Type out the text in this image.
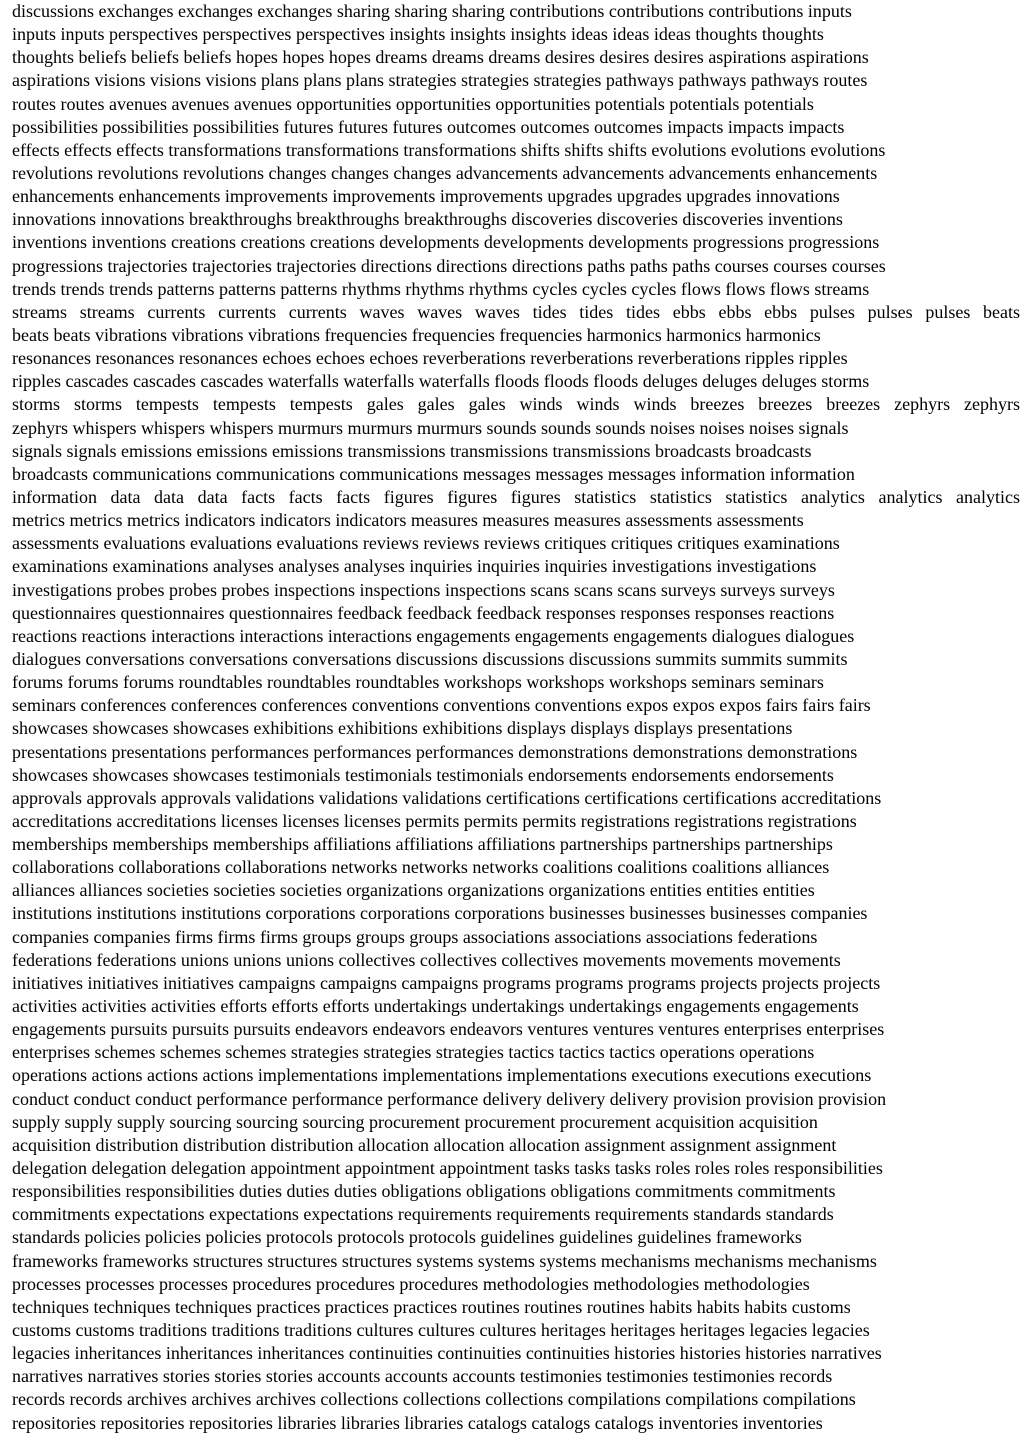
discussions exchanges exchanges exchanges sharing sharing sharing contributions contributions contributions inputs
inputs inputs perspectives perspectives perspectives insights insights insights ideas ideas ideas thoughts thoughts
thoughts beliefs beliefs beliefs hopes hopes hopes dreams dreams dreams desires desires desires aspirations aspirations
aspirations visions visions visions plans plans plans strategies strategies strategies pathways pathways pathways routes
routes routes avenues avenues avenues opportunities opportunities opportunities potentials potentials potentials
possibilities possibilities possibilities futures futures futures outcomes outcomes outcomes impacts impacts impacts
effects effects effects transformations transformations transformations shifts shifts shifts evolutions evolutions evolutions
revolutions revolutions revolutions changes changes changes advancements advancements advancements enhancements
enhancements enhancements improvements improvements improvements upgrades upgrades upgrades innovations
innovations innovations breakthroughs breakthroughs breakthroughs discoveries discoveries discoveries inventions
inventions inventions creations creations creations developments developments developments progressions progressions
progressions trajectories trajectories trajectories directions directions directions paths paths paths courses courses courses
trends trends trends patterns patterns patterns rhythms rhythms rhythms cycles cycles cycles flows flows flows streams
streams streams currents currents currents waves waves waves tides tides tides ebbs ebbs ebbs pulses pulses pulses beats
beats beats vibrations vibrations vibrations frequencies frequencies frequencies harmonics harmonics harmonics
resonances resonances resonances echoes echoes echoes reverberations reverberations reverberations ripples ripples
ripples cascades cascades cascades waterfalls waterfalls waterfalls floods floods floods deluges deluges deluges storms
storms storms tempests tempests tempests gales gales gales winds winds winds breezes breezes breezes zephyrs zephyrs
zephyrs whispers whispers whispers murmurs murmurs murmurs sounds sounds sounds noises noises noises signals
signals signals emissions emissions emissions transmissions transmissions transmissions broadcasts broadcasts
broadcasts communications communications communications messages messages messages information information
information data data data facts facts facts figures figures figures statistics statistics statistics analytics analytics analytics
metrics metrics metrics indicators indicators indicators measures measures measures assessments assessments
assessments evaluations evaluations evaluations reviews reviews reviews critiques critiques critiques examinations
examinations examinations analyses analyses analyses inquiries inquiries inquiries investigations investigations
investigations probes probes probes inspections inspections inspections scans scans scans surveys surveys surveys
questionnaires questionnaires questionnaires feedback feedback feedback responses responses responses reactions
reactions reactions interactions interactions interactions engagements engagements engagements dialogues dialogues
dialogues conversations conversations conversations discussions discussions discussions summits summits summits
forums forums forums roundtables roundtables roundtables workshops workshops workshops seminars seminars
seminars conferences conferences conferences conventions conventions conventions expos expos expos fairs fairs fairs
showcases showcases showcases exhibitions exhibitions exhibitions displays displays displays presentations
presentations presentations performances performances performances demonstrations demonstrations demonstrations
showcases showcases showcases testimonials testimonials testimonials endorsements endorsements endorsements
approvals approvals approvals validations validations validations certifications certifications certifications accreditations
accreditations accreditations licenses licenses licenses permits permits permits registrations registrations registrations
memberships memberships memberships affiliations affiliations affiliations partnerships partnerships partnerships
collaborations collaborations collaborations networks networks networks coalitions coalitions coalitions alliances
alliances alliances societies societies societies organizations organizations organizations entities entities entities
institutions institutions institutions corporations corporations corporations businesses businesses businesses companies
companies companies firms firms firms groups groups groups associations associations associations federations
federations federations unions unions unions collectives collectives collectives movements movements movements
initiatives initiatives initiatives campaigns campaigns campaigns programs programs programs projects projects projects
activities activities activities efforts efforts efforts undertakings undertakings undertakings engagements engagements
engagements pursuits pursuits pursuits endeavors endeavors endeavors ventures ventures ventures enterprises enterprises
enterprises schemes schemes schemes strategies strategies strategies tactics tactics tactics operations operations
operations actions actions actions implementations implementations implementations executions executions executions
conduct conduct conduct performance performance performance delivery delivery delivery provision provision provision
supply supply supply sourcing sourcing sourcing procurement procurement procurement acquisition acquisition
acquisition distribution distribution distribution allocation allocation allocation assignment assignment assignment
delegation delegation delegation appointment appointment appointment tasks tasks tasks roles roles roles responsibilities
responsibilities responsibilities duties duties duties obligations obligations obligations commitments commitments
commitments expectations expectations expectations requirements requirements requirements standards standards
standards policies policies policies protocols protocols protocols guidelines guidelines guidelines frameworks
frameworks frameworks structures structures structures systems systems systems mechanisms mechanisms mechanisms
processes processes processes procedures procedures procedures methodologies methodologies methodologies
techniques techniques techniques practices practices practices routines routines routines habits habits habits customs
customs customs traditions traditions traditions cultures cultures cultures heritages heritages heritages legacies legacies
legacies inheritances inheritances inheritances continuities continuities continuities histories histories histories narratives
narratives narratives stories stories stories accounts accounts accounts testimonies testimonies testimonies records
records records archives archives archives collections collections collections compilations compilations compilations
repositories repositories repositories libraries libraries libraries catalogs catalogs catalogs inventories inventories
